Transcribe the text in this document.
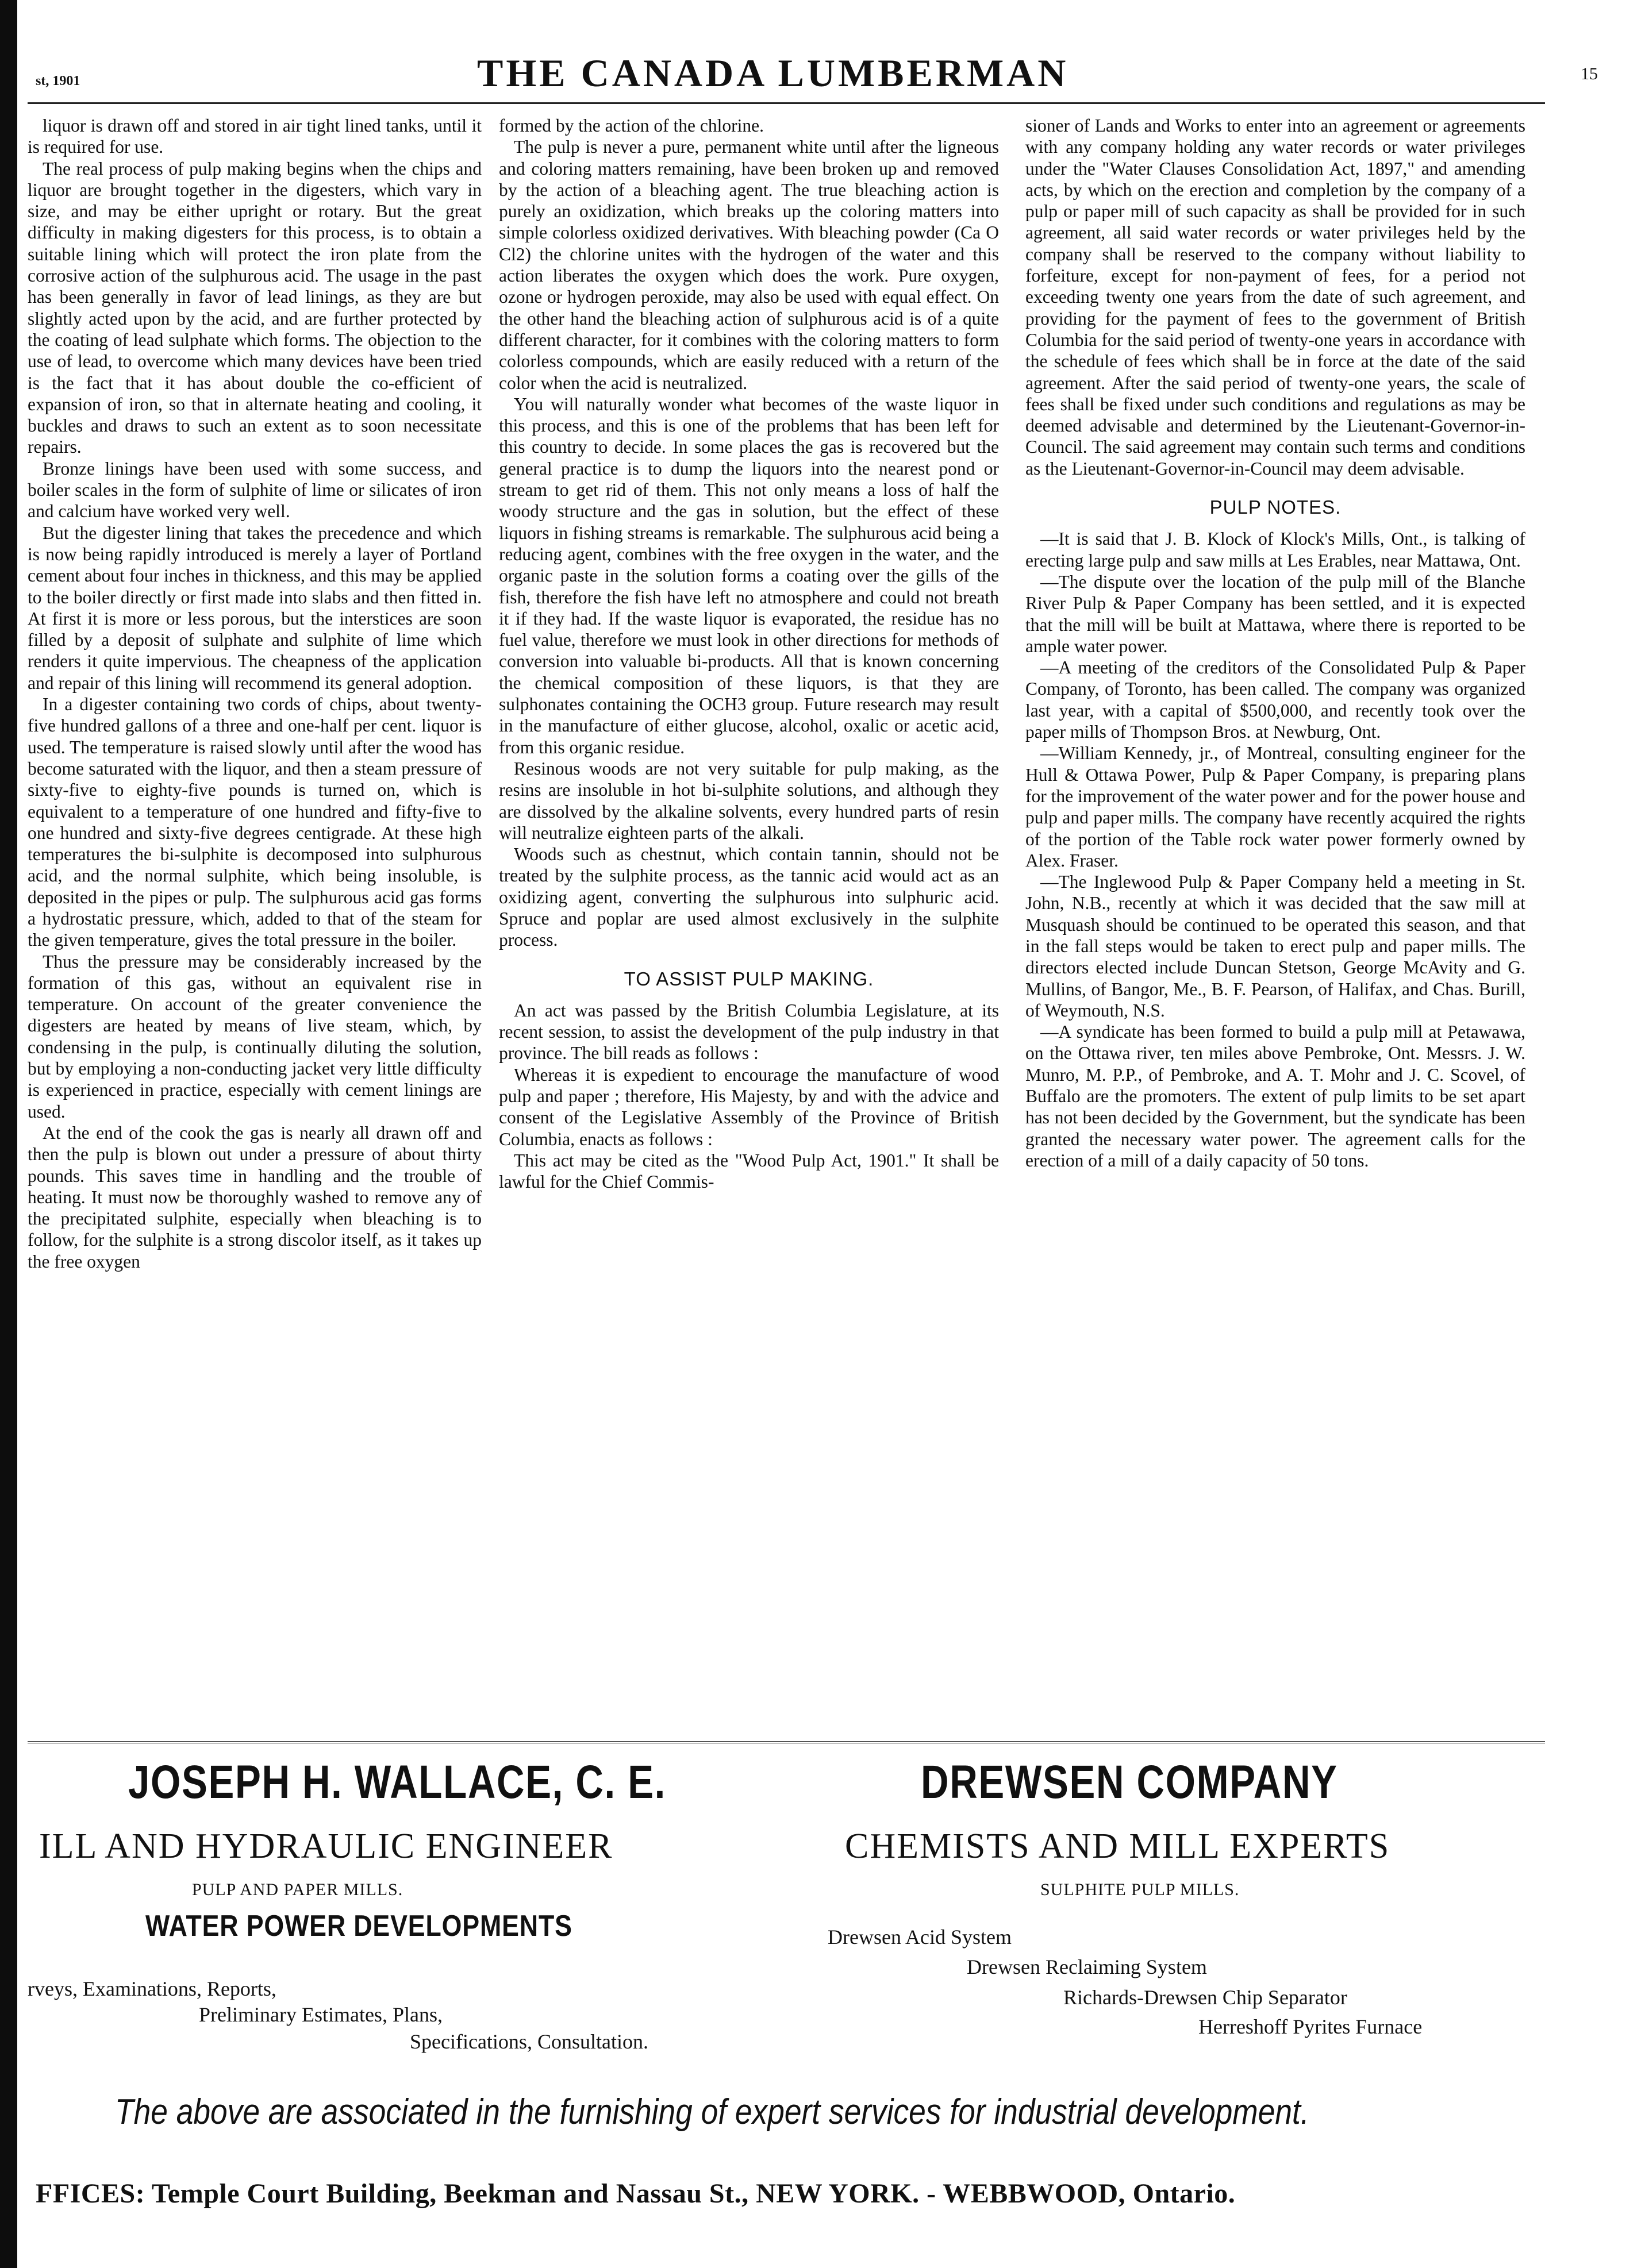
st, 1901	THE CANADA LUMBERMAN	15

liquor is drawn off and stored in air tight lined tanks, until it is required for use.

The real process of pulp making begins when the chips and liquor are brought together in the digesters, which vary in size, and may be either upright or rotary. But the great difficulty in making digesters for this process, is to obtain a suitable lining which will protect the iron plate from the corrosive action of the sulphurous acid. The usage in the past has been generally in favor of lead linings, as they are but slightly acted upon by the acid, and are further protected by the coating of lead sulphate which forms. The objection to the use of lead, to overcome which many devices have been tried is the fact that it has about double the co-efficient of expansion of iron, so that in alternate heating and cooling, it buckles and draws to such an extent as to soon necessitate repairs.

Bronze linings have been used with some success, and boiler scales in the form of sulphite of lime or silicates of iron and calcium have worked very well.

But the digester lining that takes the precedence and which is now being rapidly introduced is merely a layer of Portland cement about four inches in thickness, and this may be applied to the boiler directly or first made into slabs and then fitted in. At first it is more or less porous, but the interstices are soon filled by a deposit of sulphate and sulphite of lime which renders it quite impervious. The cheapness of the application and repair of this lining will recommend its general adoption.

In a digester containing two cords of chips, about twenty-five hundred gallons of a three and one-half per cent. liquor is used. The temperature is raised slowly until after the wood has become saturated with the liquor, and then a steam pressure of sixty-five to eighty-five pounds is turned on, which is equivalent to a temperature of one hundred and fifty-five to one hundred and sixty-five degrees centigrade. At these high temperatures the bi-sulphite is decomposed into sulphurous acid, and the normal sulphite, which being insoluble, is deposited in the pipes or pulp. The sulphurous acid gas forms a hydrostatic pressure, which, added to that of the steam for the given temperature, gives the total pressure in the boiler.

Thus the pressure may be considerably increased by the formation of this gas, without an equivalent rise in temperature. On account of the greater convenience the digesters are heated by means of live steam, which, by condensing in the pulp, is continually diluting the solution, but by employing a non-conducting jacket very little difficulty is experienced in practice, especially with cement linings are used.

At the end of the cook the gas is nearly all drawn off and then the pulp is blown out under a pressure of about thirty pounds. This saves time in handling and the trouble of heating. It must now be thoroughly washed to remove any of the precipitated sulphite, especially when bleaching is to follow, for the sulphite is a strong discolor itself, as it takes up the free oxygen

formed by the action of the chlorine.

The pulp is never a pure, permanent white until after the ligneous and coloring matters remaining, have been broken up and removed by the action of a bleaching agent. The true bleaching action is purely an oxidization, which breaks up the coloring matters into simple colorless oxidized derivatives. With bleaching powder (Ca O Cl2) the chlorine unites with the hydrogen of the water and this action liberates the oxygen which does the work. Pure oxygen, ozone or hydrogen peroxide, may also be used with equal effect. On the other hand the bleaching action of sulphurous acid is of a quite different character, for it combines with the coloring matters to form colorless compounds, which are easily reduced with a return of the color when the acid is neutralized.

You will naturally wonder what becomes of the waste liquor in this process, and this is one of the problems that has been left for this country to decide. In some places the gas is recovered but the general practice is to dump the liquors into the nearest pond or stream to get rid of them. This not only means a loss of half the woody structure and the gas in solution, but the effect of these liquors in fishing streams is remarkable. The sulphurous acid being a reducing agent, combines with the free oxygen in the water, and the organic paste in the solution forms a coating over the gills of the fish, therefore the fish have left no atmosphere and could not breath it if they had. If the waste liquor is evaporated, the residue has no fuel value, therefore we must look in other directions for methods of conversion into valuable bi-products. All that is known concerning the chemical composition of these liquors, is that they are sulphonates containing the OCH3 group. Future research may result in the manufacture of either glucose, alcohol, oxalic or acetic acid, from this organic residue.

Resinous woods are not very suitable for pulp making, as the resins are insoluble in hot bi-sulphite solutions, and although they are dissolved by the alkaline solvents, every hundred parts of resin will neutralize eighteen parts of the alkali.

Woods such as chestnut, which contain tannin, should not be treated by the sulphite process, as the tannic acid would act as an oxidizing agent, converting the sulphurous into sulphuric acid. Spruce and poplar are used almost exclusively in the sulphite process.

TO ASSIST PULP MAKING.

An act was passed by the British Columbia Legislature, at its recent session, to assist the development of the pulp industry in that province. The bill reads as follows :

Whereas it is expedient to encourage the manufacture of wood pulp and paper ; therefore, His Majesty, by and with the advice and consent of the Legislative Assembly of the Province of British Columbia, enacts as follows :

This act may be cited as the "Wood Pulp Act, 1901." It shall be lawful for the Chief Commis-

sioner of Lands and Works to enter into an agreement or agreements with any company holding any water records or water privileges under the "Water Clauses Consolidation Act, 1897," and amending acts, by which on the erection and completion by the company of a pulp or paper mill of such capacity as shall be provided for in such agreement, all said water records or water privileges held by the company shall be reserved to the company without liability to forfeiture, except for non-payment of fees, for a period not exceeding twenty one years from the date of such agreement, and providing for the payment of fees to the government of British Columbia for the said period of twenty-one years in accordance with the schedule of fees which shall be in force at the date of the said agreement. After the said period of twenty-one years, the scale of fees shall be fixed under such conditions and regulations as may be deemed advisable and determined by the Lieutenant-Governor-in-Council. The said agreement may contain such terms and conditions as the Lieutenant-Governor-in-Council may deem advisable.

PULP NOTES.

—It is said that J. B. Klock of Klock's Mills, Ont., is talking of erecting large pulp and saw mills at Les Erables, near Mattawa, Ont.

—The dispute over the location of the pulp mill of the Blanche River Pulp & Paper Company has been settled, and it is expected that the mill will be built at Mattawa, where there is reported to be ample water power.

—A meeting of the creditors of the Consolidated Pulp & Paper Company, of Toronto, has been called. The company was organized last year, with a capital of $500,000, and recently took over the paper mills of Thompson Bros. at Newburg, Ont.

—William Kennedy, jr., of Montreal, consulting engineer for the Hull & Ottawa Power, Pulp & Paper Company, is preparing plans for the improvement of the water power and for the power house and pulp and paper mills. The company have recently acquired the rights of the portion of the Table rock water power formerly owned by Alex. Fraser.

—The Inglewood Pulp & Paper Company held a meeting in St. John, N.B., recently at which it was decided that the saw mill at Musquash should be continued to be operated this season, and that in the fall steps would be taken to erect pulp and paper mills. The directors elected include Duncan Stetson, George McAvity and G. Mullins, of Bangor, Me., B. F. Pearson, of Halifax, and Chas. Burill, of Weymouth, N.S.

—A syndicate has been formed to build a pulp mill at Petawawa, on the Ottawa river, ten miles above Pembroke, Ont. Messrs. J. W. Munro, M. P.P., of Pembroke, and A. T. Mohr and J. C. Scovel, of Buffalo are the promoters. The extent of pulp limits to be set apart has not been decided by the Government, but the syndicate has been granted the necessary water power. The agreement calls for the erection of a mill of a daily capacity of 50 tons.

JOSEPH H. WALLACE, C. E.
ILL AND HYDRAULIC ENGINEER
PULP AND PAPER MILLS.
WATER POWER DEVELOPMENTS
rveys, Examinations, Reports,
Preliminary Estimates, Plans,
Specifications, Consultation.
DREWSEN COMPANY
CHEMISTS AND MILL EXPERTS
SULPHITE PULP MILLS.
Drewsen Acid System
Drewsen Reclaiming System
Richards-Drewsen Chip Separator
Herreshoff Pyrites Furnace
The above are associated in the furnishing of expert services for industrial development.
FFICES: Temple Court Building, Beekman and Nassau St., NEW YORK. - WEBBWOOD, Ontario.
